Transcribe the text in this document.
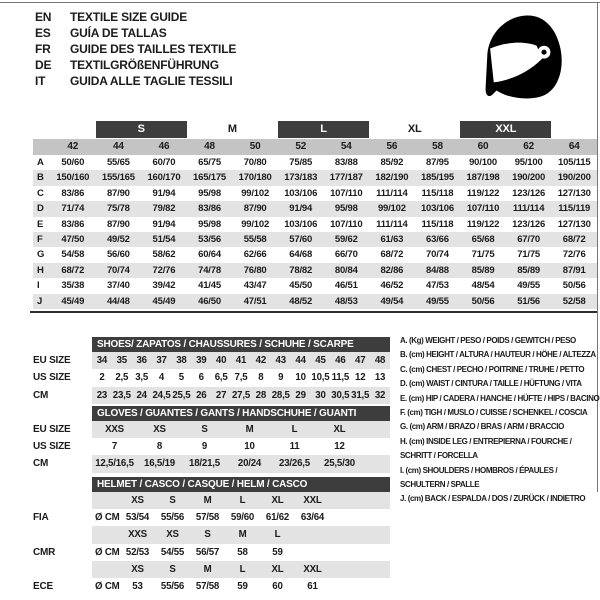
EN	TEXTILE SIZE GUIDE
ES	GUÍA DE TALLAS
FR	GUIDE DES TAILLES TEXTILE
DE	TEXTILGRÖßENFÜHRUNG
IT	GUIDA ALLE TAGLIE TESSILI
S	M	L	XL	XXL
42	44	46	48	50	52	54	56	58	60	62	64
A	50/60	55/65	60/70	65/75	70/80	75/85	83/88	85/92	87/95	90/100	95/100	105/115
B	150/160	155/165	160/170	165/175	170/180	173/183	177/187	182/190	185/195	187/198	190/200	190/200
C	83/86	87/90	91/94	95/98	99/102	103/106	107/110	111/114	115/118	119/122	123/126	127/130
D	71/74	75/78	79/82	83/86	87/90	91/94	95/98	99/102	103/106	107/110	111/114	115/119
E	83/86	87/90	91/94	95/98	99/102	103/106	107/110	111/114	115/118	119/122	123/126	127/130
F	47/50	49/52	51/54	53/56	55/58	57/60	59/62	61/63	63/66	65/68	67/70	68/72
G	54/58	56/60	58/62	60/64	62/66	64/68	66/70	68/72	70/74	71/75	71/75	72/76
H	68/72	70/74	72/76	74/78	76/80	78/82	80/84	82/86	84/88	85/89	85/89	87/91
I	35/38	37/40	39/42	41/45	43/47	45/50	46/51	46/52	47/53	48/54	49/55	50/56
J	45/49	44/48	45/49	46/50	47/51	48/52	48/53	49/54	49/55	50/56	51/56	52/58
SHOES/ ZAPATOS / CHAUSSURES / SCHUHE / SCARPE
EU SIZE	34 35 36 37 38 39 40 41 42 43 44 45 46 47 48
US SIZE	2	2,5 3,5	4	5	6	6,5 7,5	8	9	10 10,5 11,5 12 13
CM	23 23,5 24 24,5 25,5 26 27 27,5 28 28,5 29 30 30,5 31,5 32
GLOVES / GUANTES / GANTS / HANDSCHUHE / GUANTI
EU SIZE	XXS	XS	S	M	L	XL
US SIZE	7	8	9	10	11	12
CM	12,5/16,5	16,5/19	18/21,5	20/24	23/26,5	25,5/30
HELMET / CASCO / CASQUE / HELM / CASCO
XS	S	M	L	XL	XXL
FIA	Ø CM 53/54	55/56	57/58	59/60	61/62	63/64
XXS	XS	S	M	L
CMR	Ø CM 52/53	54/55	56/57	58	59
XS	S	M	L	XL	XXL
ECE	Ø CM	53	55/56	57/58	59	60	61
A. (Kg) WEIGHT / PESO / POIDS / GEWITCH / PESO
B. (cm) HEIGHT / ALTURA / HAUTEUR / HÖHE / ALTEZZA
C. (cm) CHEST / PECHO / POITRINE / TRUHE / PETTO
D. (cm) WAIST / CINTURA / TAILLE / HÜFTUNG / VITA
E. (cm) HIP / CADERA / HANCHE / HÜFTE / HIPS / BACINO
F. (cm) TIGH / MUSLO / CUISSE / SCHENKEL / COSCIA
G. (cm) ARM / BRAZO / BRAS / ARM / BRACCIO
H. (cm) INSIDE LEG / ENTREPIERNA / FOURCHE / SCHRITT / FORCELLA
I. (cm) SHOULDERS / HOMBROS / ÉPAULES / SCHULTERN / SPALLE
J. (cm) BACK / ESPALDA / DOS / ZURÜCK / INDIETRO
